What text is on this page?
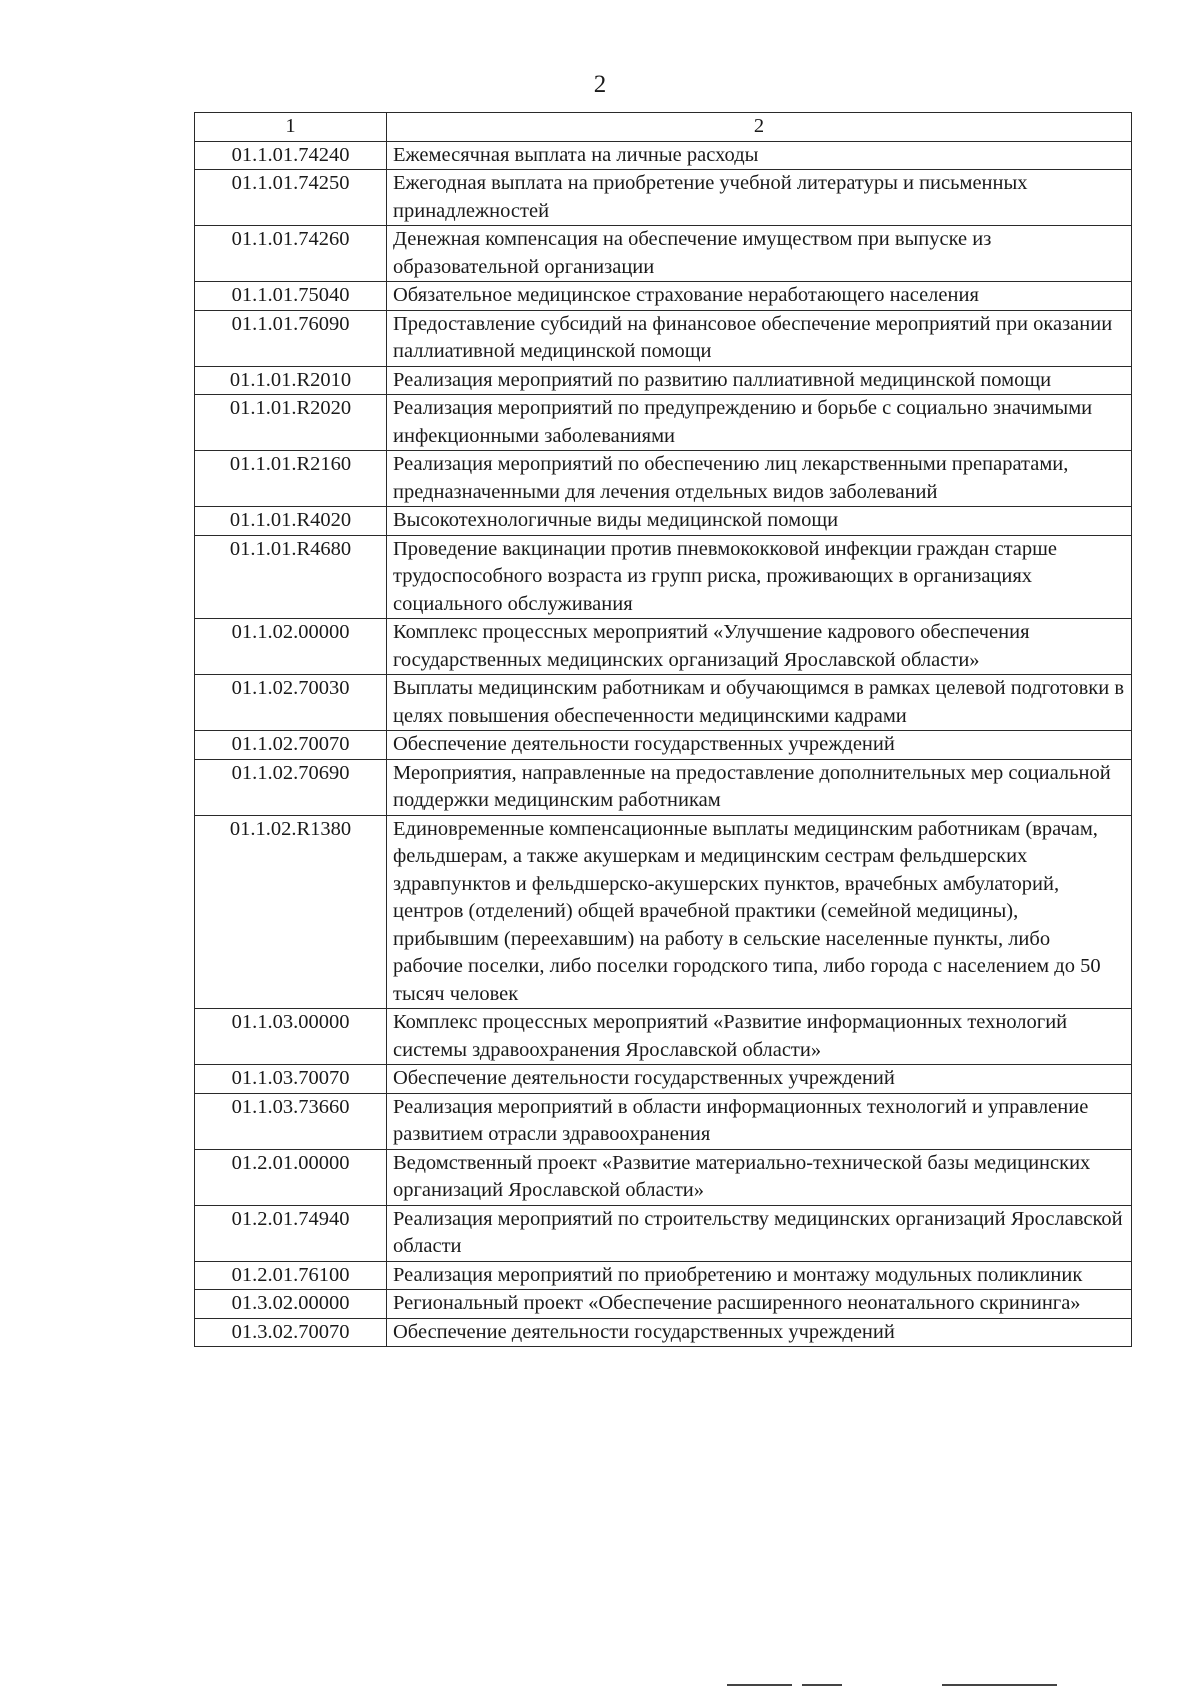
2
1	2
01.1.01.74240	Ежемесячная выплата на личные расходы
01.1.01.74250	Ежегодная выплата на приобретение учебной литературы и письменных принадлежностей
01.1.01.74260	Денежная компенсация на обеспечение имуществом при выпуске из образовательной организации
01.1.01.75040	Обязательное медицинское страхование неработающего населения
01.1.01.76090	Предоставление субсидий на финансовое обеспечение мероприятий при оказании паллиативной медицинской помощи
01.1.01.R2010	Реализация мероприятий по развитию паллиативной медицинской помощи
01.1.01.R2020	Реализация мероприятий по предупреждению и борьбе с социально значимыми инфекционными заболеваниями
01.1.01.R2160	Реализация мероприятий по обеспечению лиц лекарственными препаратами, предназначенными для лечения отдельных видов заболеваний
01.1.01.R4020	Высокотехнологичные виды медицинской помощи
01.1.01.R4680	Проведение вакцинации против пневмококковой инфекции граждан старше трудоспособного возраста из групп риска, проживающих в организациях социального обслуживания
01.1.02.00000	Комплекс процессных мероприятий «Улучшение кадрового обеспечения государственных медицинских организаций Ярославской области»
01.1.02.70030	Выплаты медицинским работникам и обучающимся в рамках целевой подготовки в целях повышения обеспеченности медицинскими кадрами
01.1.02.70070	Обеспечение деятельности государственных учреждений
01.1.02.70690	Мероприятия, направленные на предоставление дополнительных мер социальной поддержки медицинским работникам
01.1.02.R1380	Единовременные компенсационные выплаты медицинским работникам (врачам, фельдшерам, а также акушеркам и медицинским сестрам фельдшерских здравпунктов и фельдшерско-акушерских пунктов, врачебных амбулаторий, центров (отделений) общей врачебной практики (семейной медицины), прибывшим (переехавшим) на работу в сельские населенные пункты, либо рабочие поселки, либо поселки городского типа, либо города с населением до 50 тысяч человек
01.1.03.00000	Комплекс процессных мероприятий «Развитие информационных технологий системы здравоохранения Ярославской области»
01.1.03.70070	Обеспечение деятельности государственных учреждений
01.1.03.73660	Реализация мероприятий в области информационных технологий и управление развитием отрасли здравоохранения
01.2.01.00000	Ведомственный проект «Развитие материально-технической базы медицинских организаций Ярославской области»
01.2.01.74940	Реализация мероприятий по строительству медицинских организаций Ярославской области
01.2.01.76100	Реализация мероприятий по приобретению и монтажу модульных поликлиник
01.3.02.00000	Региональный проект «Обеспечение расширенного неонатального скрининга»
01.3.02.70070	Обеспечение деятельности государственных учреждений
